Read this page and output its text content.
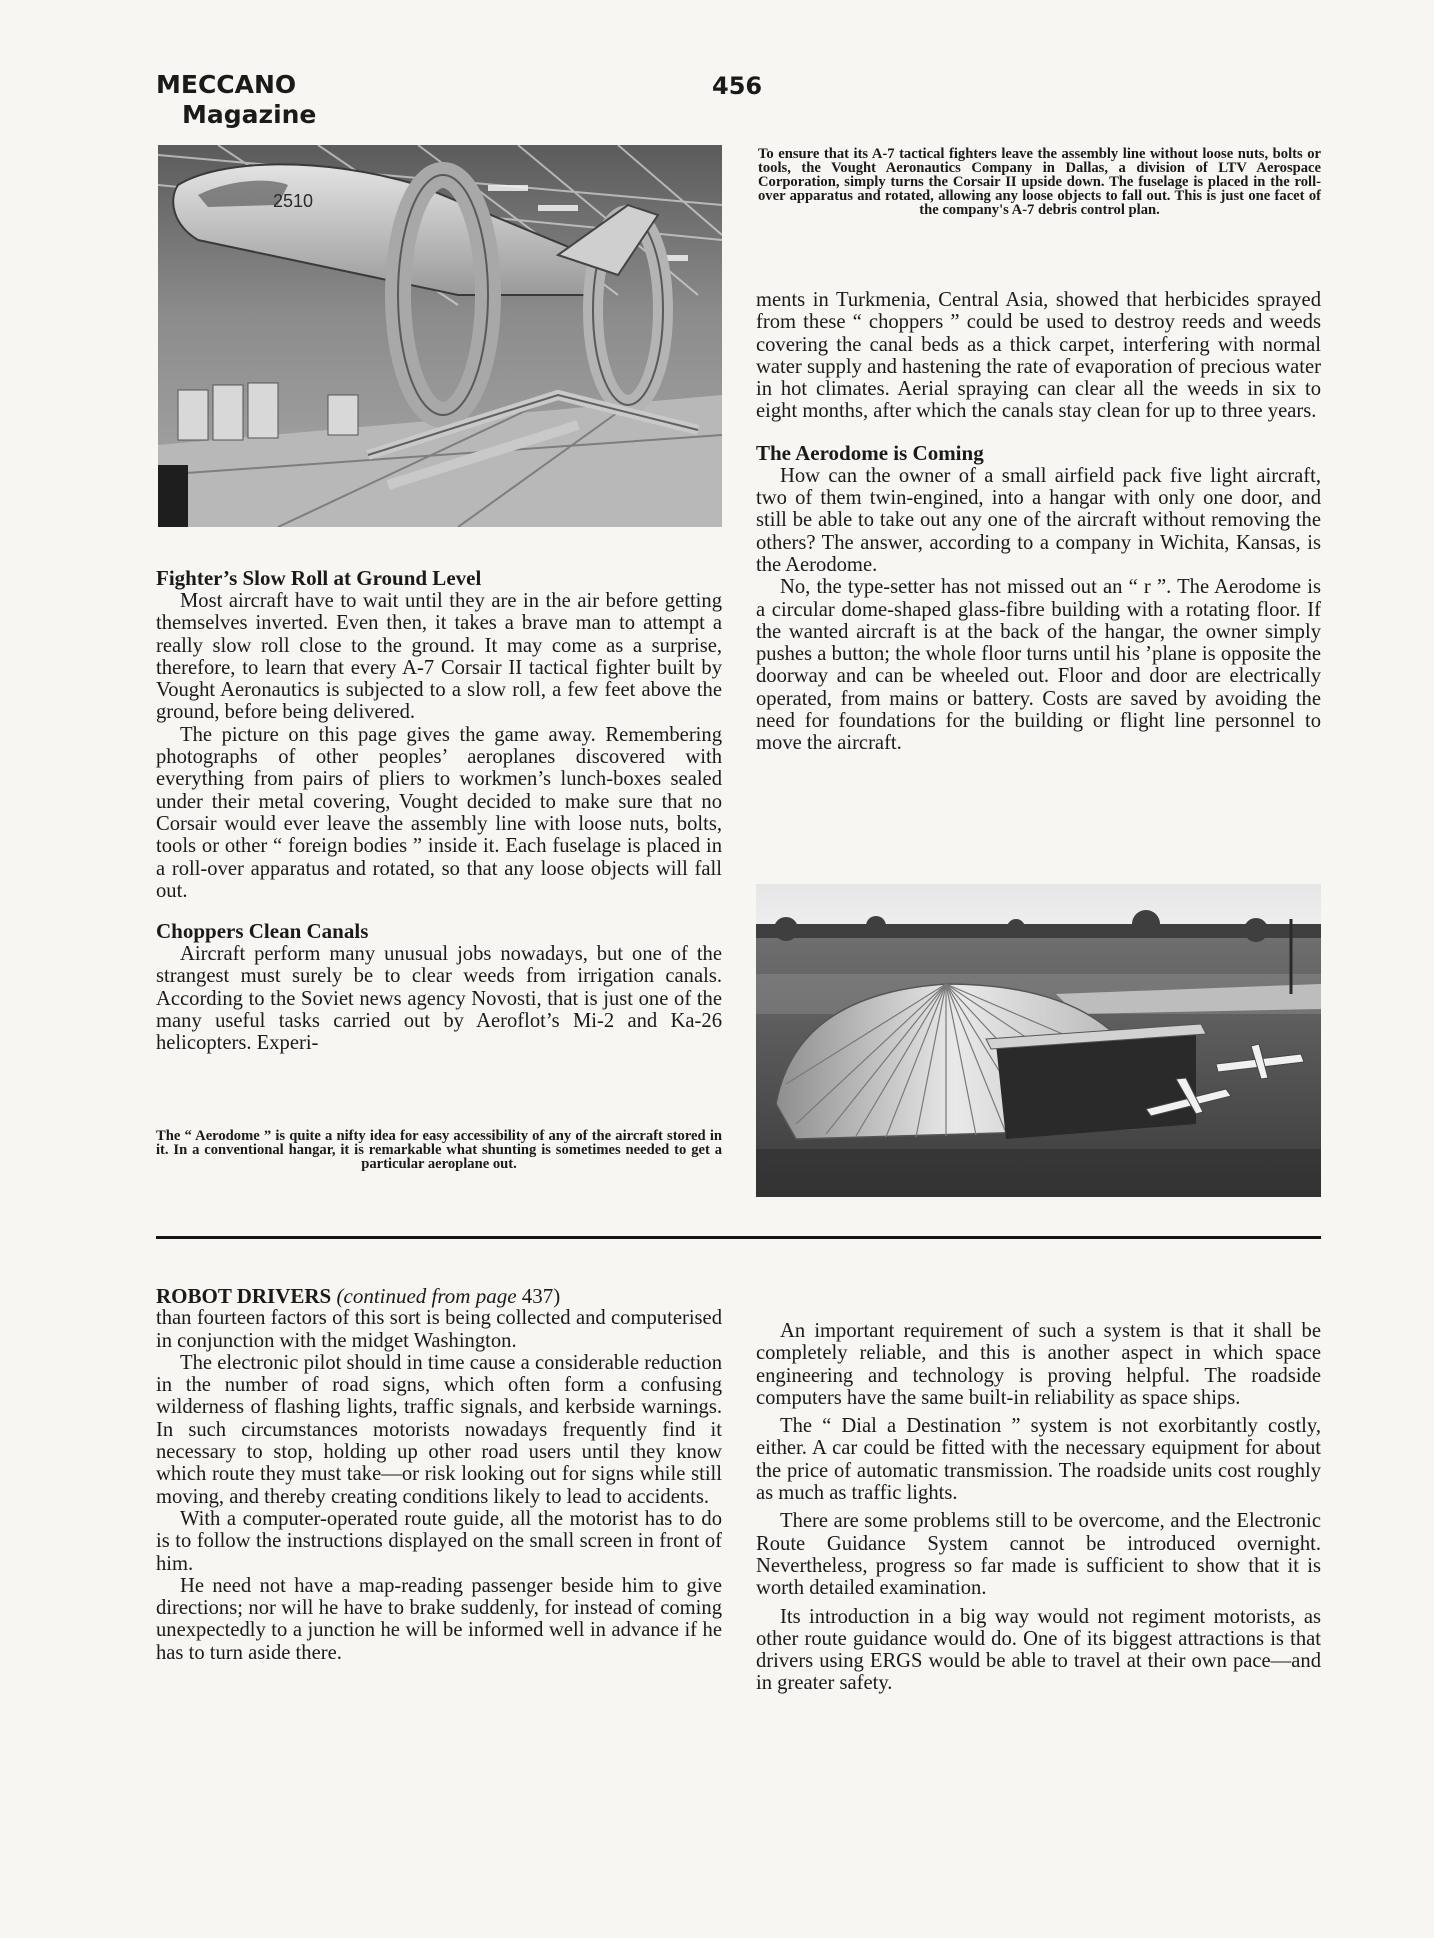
MECCANO
Magazine
456
2510
To ensure that its A-7 tactical fighters leave the assembly line without loose nuts, bolts or tools, the Vought Aeronautics Company in Dallas, a division of LTV Aerospace Corporation, simply turns the Corsair II upside down. The fuselage is placed in the roll-over apparatus and rotated, allowing any loose objects to fall out. This is just one facet of the company's A-7 debris control plan.

Fighter’s Slow Roll at Ground Level

Most aircraft have to wait until they are in the air before getting themselves inverted. Even then, it takes a brave man to attempt a really slow roll close to the ground. It may come as a surprise, therefore, to learn that every A-7 Corsair II tactical fighter built by Vought Aeronautics is subjected to a slow roll, a few feet above the ground, before being delivered.

The picture on this page gives the game away. Remembering photographs of other peoples’ aeroplanes discovered with everything from pairs of pliers to workmen’s lunch-boxes sealed under their metal covering, Vought decided to make sure that no Corsair would ever leave the assembly line with loose nuts, bolts, tools or other “ foreign bodies ” inside it. Each fuselage is placed in a roll-over apparatus and rotated, so that any loose objects will fall out.

Choppers Clean Canals

Aircraft perform many unusual jobs nowadays, but one of the strangest must surely be to clear weeds from irrigation canals. According to the Soviet news agency Novosti, that is just one of the many useful tasks carried out by Aeroflot’s Mi-2 and Ka-26 helicopters. Experi-

The “ Aerodome ” is quite a nifty idea for easy accessibility of any of the aircraft stored in it. In a conventional hangar, it is remarkable what shunting is sometimes needed to get a particular aeroplane out.

ments in Turkmenia, Central Asia, showed that herbicides sprayed from these “ choppers ” could be used to destroy reeds and weeds covering the canal beds as a thick carpet, interfering with normal water supply and hastening the rate of evaporation of precious water in hot climates. Aerial spraying can clear all the weeds in six to eight months, after which the canals stay clean for up to three years.

The Aerodome is Coming

How can the owner of a small airfield pack five light aircraft, two of them twin-engined, into a hangar with only one door, and still be able to take out any one of the aircraft without removing the others? The answer, according to a company in Wichita, Kansas, is the Aerodome.

No, the type-setter has not missed out an “ r ”. The Aerodome is a circular dome-shaped glass-fibre building with a rotating floor. If the wanted aircraft is at the back of the hangar, the owner simply pushes a button; the whole floor turns until his ’plane is opposite the doorway and can be wheeled out. Floor and door are electrically operated, from mains or battery. Costs are saved by avoiding the need for foundations for the building or flight line personnel to move the aircraft.

ROBOT DRIVERS (continued from page 437)

than fourteen factors of this sort is being collected and computerised in conjunction with the midget Washington.

The electronic pilot should in time cause a considerable reduction in the number of road signs, which often form a confusing wilderness of flashing lights, traffic signals, and kerbside warnings. In such circumstances motorists nowadays frequently find it necessary to stop, holding up other road users until they know which route they must take—or risk looking out for signs while still moving, and thereby creating conditions likely to lead to accidents.

With a computer-operated route guide, all the motorist has to do is to follow the instructions displayed on the small screen in front of him.

He need not have a map-reading passenger beside him to give directions; nor will he have to brake suddenly, for instead of coming unexpectedly to a junction he will be informed well in advance if he has to turn aside there.

An important requirement of such a system is that it shall be completely reliable, and this is another aspect in which space engineering and technology is proving helpful. The roadside computers have the same built-in reliability as space ships.

The “ Dial a Destination ” system is not exorbitantly costly, either. A car could be fitted with the necessary equipment for about the price of automatic transmission. The roadside units cost roughly as much as traffic lights.

There are some problems still to be overcome, and the Electronic Route Guidance System cannot be introduced overnight. Nevertheless, progress so far made is sufficient to show that it is worth detailed examination.

Its introduction in a big way would not regiment motorists, as other route guidance would do. One of its biggest attractions is that drivers using ERGS would be able to travel at their own pace—and in greater safety.
